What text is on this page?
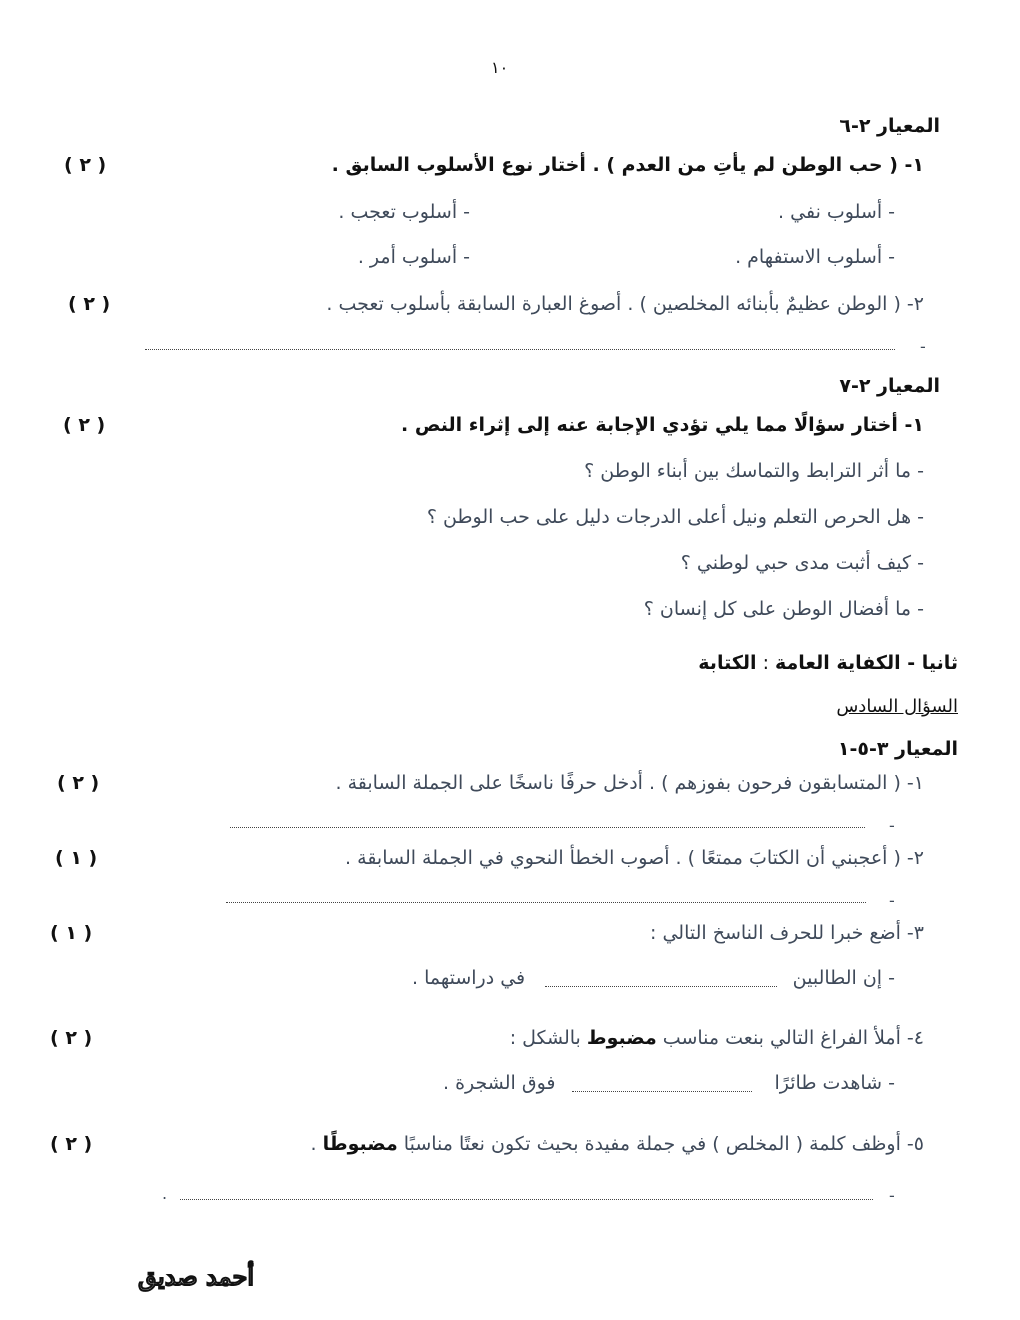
١٠
المعيار ٢-٦
١- ( حب الوطن لم يأتِ من العدم ) . أختار نوع الأسلوب السابق .
( ٢ )
- أسلوب نفي .
- أسلوب تعجب .
- أسلوب الاستفهام .
- أسلوب أمر .
٢- ( الوطن عظيمٌ بأبنائه المخلصين ) . أصوغ العبارة السابقة بأسلوب تعجب .
( ٢ )
-
المعيار ٢-٧
١- أختار سؤالًا مما يلي تؤدي الإجابة عنه إلى إثراء النص .
( ٢ )
- ما أثر الترابط والتماسك بين أبناء الوطن ؟
- هل الحرص التعلم ونيل أعلى الدرجات دليل على حب الوطن ؟
- كيف أثبت مدى حبي لوطني ؟
- ما أفضال الوطن على كل إنسان ؟
ثانيا - الكفاية العامة : الكتابة
السؤال السادس
المعيار ٣-٥-١
١- ( المتسابقون فرحون بفوزهم ) . أدخل حرفًا ناسخًا على الجملة السابقة .
( ٢ )
-
٢- ( أعجبني أن الكتابَ ممتعًا ) . أصوب الخطأ النحوي في الجملة السابقة .
( ١ )
-
٣- أضع خبرا للحرف الناسخ التالي :
( ١ )
- إن الطالبين
في دراستهما .
٤- أملأ الفراغ التالي بنعت مناسب مضبوط بالشكل :
( ٢ )
- شاهدت طائرًا
فوق الشجرة .
٥- أوظف كلمة ( المخلص ) في جملة مفيدة بحيث تكون نعتًا مناسبًا مضبوطًا .
( ٢ )
.	-
أحمد صديق
